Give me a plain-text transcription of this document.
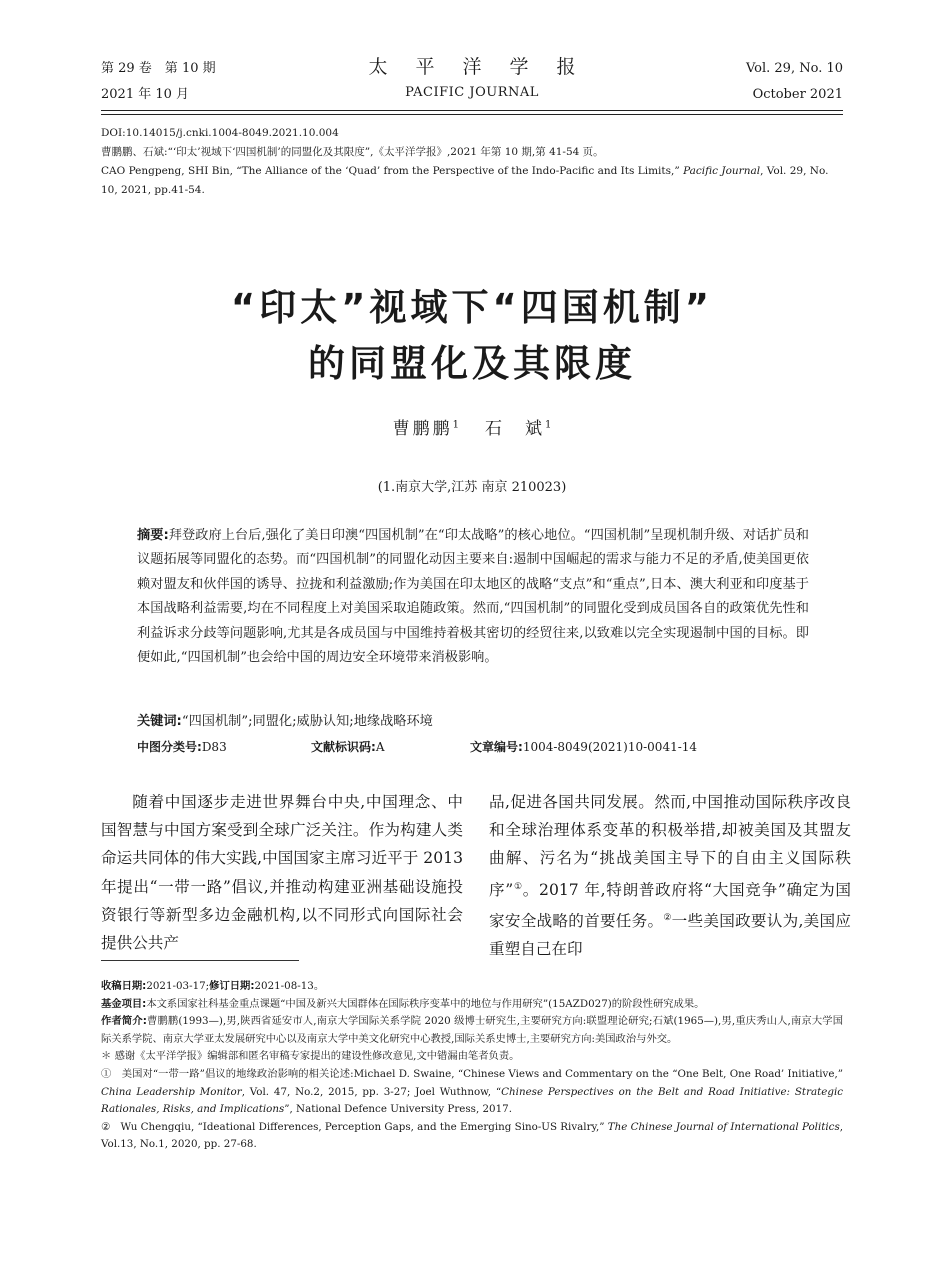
第 29 卷　第 10 期
2021 年 10 月
太平洋学报
PACIFIC JOURNAL
Vol. 29, No. 10
October 2021
DOI:10.14015/j.cnki.1004-8049.2021.10.004
曹鹏鹏、石斌:“‘印太’视域下‘四国机制’的同盟化及其限度”,《太平洋学报》,2021 年第 10 期,第 41-54 页。
CAO Pengpeng, SHI Bin, “The Alliance of the ‘Quad’ from the Perspective of the Indo-Pacific and Its Limits,” Pacific Journal, Vol. 29, No. 10, 2021, pp.41-54.
“印太”视域下“四国机制”
的同盟化及其限度
曹鹏鹏$^1$ 石　斌$^1$
(1.南京大学,江苏 南京 210023)
摘要:拜登政府上台后,强化了美日印澳“四国机制”在“印太战略”的核心地位。“四国机制”呈现机制升级、对话扩员和议题拓展等同盟化的态势。而“四国机制”的同盟化动因主要来自:遏制中国崛起的需求与能力不足的矛盾,使美国更依赖对盟友和伙伴国的诱导、拉拢和利益激励;作为美国在印太地区的战略“支点”和“重点”,日本、澳大利亚和印度基于本国战略利益需要,均在不同程度上对美国采取追随政策。然而,“四国机制”的同盟化受到成员国各自的政策优先性和利益诉求分歧等问题影响,尤其是各成员国与中国维持着极其密切的经贸往来,以致难以完全实现遏制中国的目标。即便如此,“四国机制”也会给中国的周边安全环境带来消极影响。
关键词:“四国机制”;同盟化;威胁认知;地缘战略环境
中图分类号:D83	文献标识码:A	文章编号:1004-8049(2021)10-0041-14
随着中国逐步走进世界舞台中央,中国理念、中国智慧与中国方案受到全球广泛关注。作为构建人类命运共同体的伟大实践,中国国家主席习近平于 2013 年提出“一带一路”倡议,并推动构建亚洲基础设施投资银行等新型多边金融机构,以不同形式向国际社会提供公共产
品,促进各国共同发展。然而,中国推动国际秩序改良和全球治理体系变革的积极举措,却被美国及其盟友曲解、污名为“挑战美国主导下的自由主义国际秩序”①。2017 年,特朗普政府将“大国竞争”确定为国家安全战略的首要任务。②一些美国政要认为,美国应重塑自己在印

收稿日期:2021-03-17;修订日期:2021-08-13。

基金项目:本文系国家社科基金重点课题“中国及新兴大国群体在国际秩序变革中的地位与作用研究”(15AZD027)的阶段性研究成果。

作者简介:曹鹏鹏(1993—),男,陕西省延安市人,南京大学国际关系学院 2020 级博士研究生,主要研究方向:联盟理论研究;石斌(1965—),男,重庆秀山人,南京大学国际关系学院、南京大学亚太发展研究中心以及南京大学中美文化研究中心教授,国际关系史博士,主要研究方向:美国政治与外交。

＊ 感谢《太平洋学报》编辑部和匿名审稿专家提出的建设性修改意见,文中错漏由笔者负责。

①　美国对“一带一路”倡议的地缘政治影响的相关论述:Michael D. Swaine, “Chinese Views and Commentary on the “One Belt, One Road’ Initiative,” China Leadership Monitor, Vol. 47, No.2, 2015, pp. 3-27; Joel Wuthnow, “Chinese Perspectives on the Belt and Road Initiative: Strategic Rationales, Risks, and Implications”, National Defence University Press, 2017.

②　Wu Chengqiu, “Ideational Differences, Perception Gaps, and the Emerging Sino-US Rivalry,” The Chinese Journal of International Politics, Vol.13, No.1, 2020, pp. 27-68.
